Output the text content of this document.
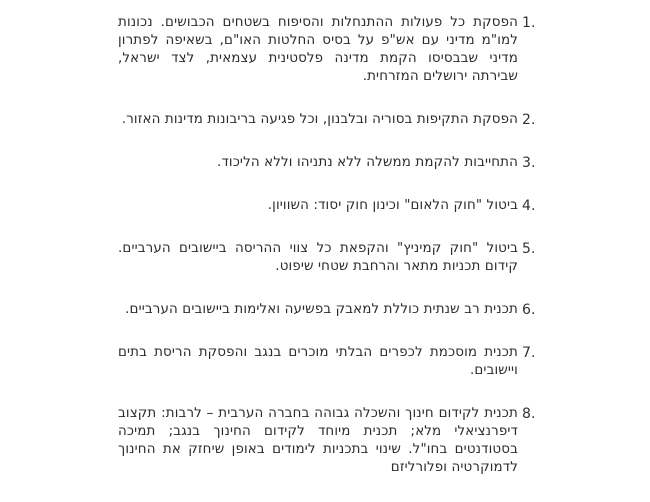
1.
הפסקת כל פעולות ההתנחלות והסיפוח בשטחים הכבושים. נכונות למו"מ מדיני עם אש"פ על בסיס החלטות האו"ם, בשאיפה לפתרון מדיני שבבסיסו הקמת מדינה פלסטינית עצמאית, לצד ישראל, שבירתה ירושלים המזרחית.
2.
הפסקת התקיפות בסוריה ובלבנון, וכל פגיעה בריבונות מדינות האזור.
3.
התחייבות להקמת ממשלה ללא נתניהו וללא הליכוד.
4.
ביטול "חוק הלאום" וכינון חוק יסוד: השוויון.
5.
ביטול "חוק קמיניץ" והקפאת כל צווי ההריסה ביישובים הערביים. קידום תכניות מתאר והרחבת שטחי שיפוט.
6.
תכנית רב שנתית כוללת למאבק בפשיעה ואלימות ביישובים הערביים.
7.
תכנית מוסכמת לכפרים הבלתי מוכרים בנגב והפסקת הריסת בתים ויישובים.
8.
תכנית לקידום חינוך והשכלה גבוהה בחברה הערבית – לרבות: תקצוב דיפרנציאלי מלא; תכנית מיוחד לקידום החינוך בנגב; תמיכה בסטודנטים בחו"ל. שינוי בתכניות לימודים באופן שיחזק את החינוך לדמוקרטיה ופלורליזם
